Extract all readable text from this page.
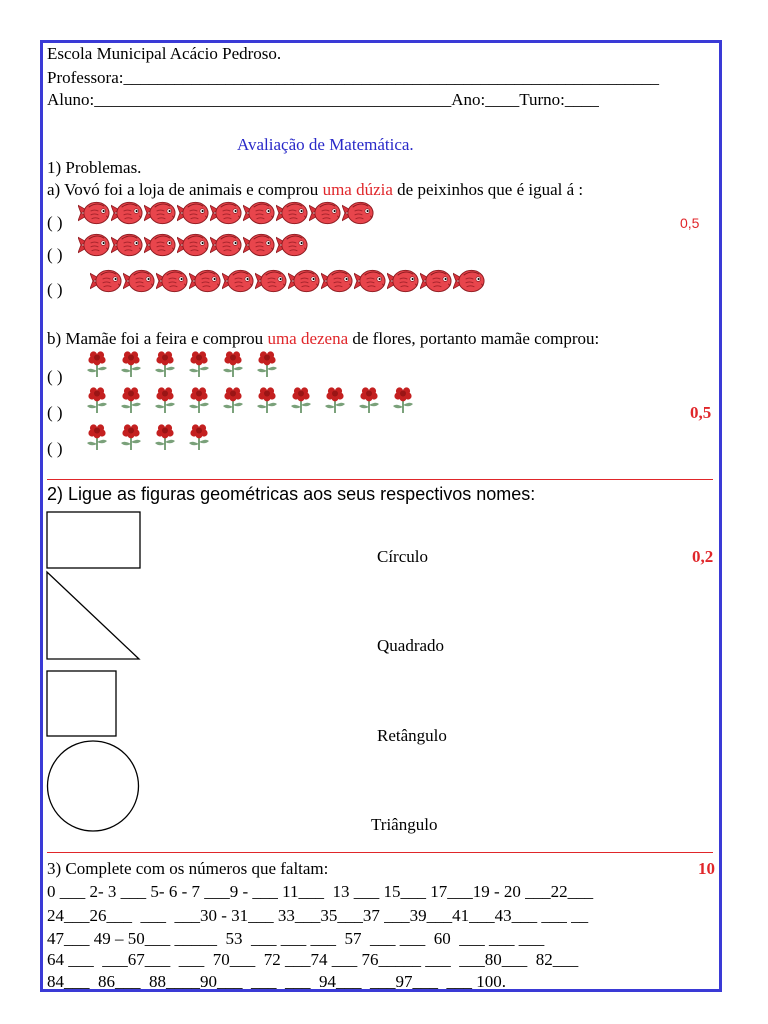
Escola Municipal Acácio Pedroso.
Professora:_______________________________________________________________
Aluno:__________________________________________Ano:____Turno:____
Avaliação de Matemática.
1) Problemas.
a) Vovó foi a loja de animais e comprou uma dúzia de peixinhos que é igual á :
0,5
( )
( )
( )
b) Mamãe foi a feira e comprou uma dezena de flores, portanto mamãe comprou:
( )
( )	0,5
( )
2) Ligue as figuras geométricas aos seus respectivos nomes:
0,2
Círculo
Quadrado
Retângulo
Triângulo
3) Complete com os números que faltam:	10
0 ___ 2- 3 ___ 5- 6 - 7 ___9 - ___ 11___  13 ___ 15___ 17___19 - 20 ___22___
24___26___  ___  ___30 - 31___ 33___35___37 ___39___41___43___ ___ __
47___ 49 – 50___ _____  53  ___ ___ ___  57  ___ ___  60  ___ ___ ___
64 ___  ___67___  ___  70___  72 ___74 ___ 76_____ ___  ___80___  82___
84___  86___  88____90___  ___  ___  94___  ___97___  ___ 100.
